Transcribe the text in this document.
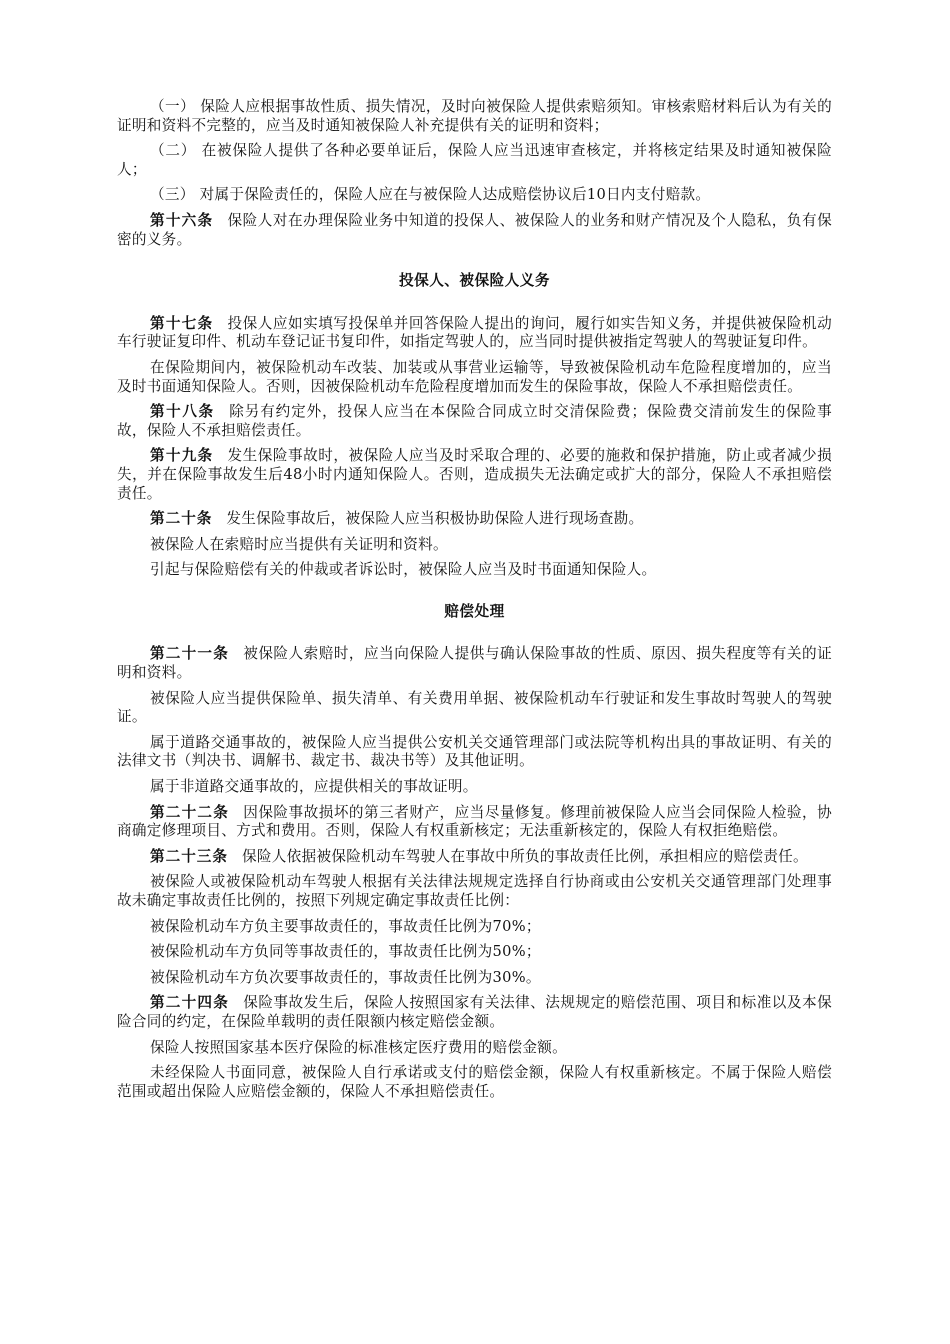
（一） 保险人应根据事故性质、损失情况，及时向被保险人提供索赔须知。审核索赔材料后认为有关的证明和资料不完整的，应当及时通知被保险人补充提供有关的证明和资料；

（二） 在被保险人提供了各种必要单证后，保险人应当迅速审查核定，并将核定结果及时通知被保险人；

（三） 对属于保险责任的，保险人应在与被保险人达成赔偿协议后10日内支付赔款。

第十六条 保险人对在办理保险业务中知道的投保人、被保险人的业务和财产情况及个人隐私，负有保密的义务。

投保人、被保险人义务

第十七条 投保人应如实填写投保单并回答保险人提出的询问，履行如实告知义务，并提供被保险机动车行驶证复印件、机动车登记证书复印件，如指定驾驶人的，应当同时提供被指定驾驶人的驾驶证复印件。

在保险期间内，被保险机动车改装、加装或从事营业运输等，导致被保险机动车危险程度增加的，应当及时书面通知保险人。否则，因被保险机动车危险程度增加而发生的保险事故，保险人不承担赔偿责任。

第十八条 除另有约定外，投保人应当在本保险合同成立时交清保险费；保险费交清前发生的保险事故，保险人不承担赔偿责任。

第十九条 发生保险事故时，被保险人应当及时采取合理的、必要的施救和保护措施，防止或者减少损失，并在保险事故发生后48小时内通知保险人。否则，造成损失无法确定或扩大的部分，保险人不承担赔偿责任。

第二十条 发生保险事故后，被保险人应当积极协助保险人进行现场查勘。

被保险人在索赔时应当提供有关证明和资料。

引起与保险赔偿有关的仲裁或者诉讼时，被保险人应当及时书面通知保险人。

赔偿处理

第二十一条 被保险人索赔时，应当向保险人提供与确认保险事故的性质、原因、损失程度等有关的证明和资料。

被保险人应当提供保险单、损失清单、有关费用单据、被保险机动车行驶证和发生事故时驾驶人的驾驶证。

属于道路交通事故的，被保险人应当提供公安机关交通管理部门或法院等机构出具的事故证明、有关的法律文书（判决书、调解书、裁定书、裁决书等）及其他证明。

属于非道路交通事故的，应提供相关的事故证明。

第二十二条 因保险事故损坏的第三者财产，应当尽量修复。修理前被保险人应当会同保险人检验，协商确定修理项目、方式和费用。否则，保险人有权重新核定；无法重新核定的，保险人有权拒绝赔偿。

第二十三条 保险人依据被保险机动车驾驶人在事故中所负的事故责任比例，承担相应的赔偿责任。

被保险人或被保险机动车驾驶人根据有关法律法规规定选择自行协商或由公安机关交通管理部门处理事故未确定事故责任比例的，按照下列规定确定事故责任比例：

被保险机动车方负主要事故责任的，事故责任比例为70%；

被保险机动车方负同等事故责任的，事故责任比例为50%；

被保险机动车方负次要事故责任的，事故责任比例为30%。

第二十四条 保险事故发生后，保险人按照国家有关法律、法规规定的赔偿范围、项目和标准以及本保险合同的约定，在保险单载明的责任限额内核定赔偿金额。

保险人按照国家基本医疗保险的标准核定医疗费用的赔偿金额。

未经保险人书面同意，被保险人自行承诺或支付的赔偿金额，保险人有权重新核定。不属于保险人赔偿范围或超出保险人应赔偿金额的，保险人不承担赔偿责任。
